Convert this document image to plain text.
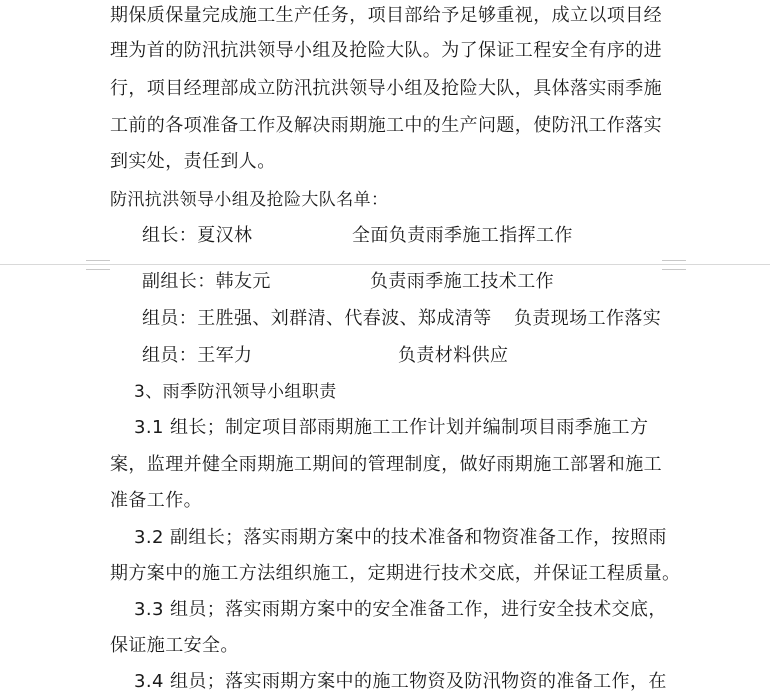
期保质保量完成施工生产任务，项目部给予足够重视，成立以项目经
理为首的防汛抗洪领导小组及抢险大队。为了保证工程安全有序的进
行，项目经理部成立防汛抗洪领导小组及抢险大队，具体落实雨季施
工前的各项准备工作及解决雨期施工中的生产问题，使防汛工作落实
到实处，责任到人。
防汛抗洪领导小组及抢险大队名单：
组长：夏汉林	全面负责雨季施工指挥工作
副组长：韩友元	负责雨季施工技术工作
组员：王胜强、刘群清、代春波、郑成清等 负责现场工作落实
组员：王军力	负责材料供应
3、雨季防汛领导小组职责
3.1 组长；制定项目部雨期施工工作计划并编制项目雨季施工方
案，监理并健全雨期施工期间的管理制度，做好雨期施工部署和施工
准备工作。
3.2 副组长；落实雨期方案中的技术准备和物资准备工作，按照雨
期方案中的施工方法组织施工，定期进行技术交底，并保证工程质量。
3.3 组员；落实雨期方案中的安全准备工作，进行安全技术交底，
保证施工安全。
3.4 组员；落实雨期方案中的施工物资及防汛物资的准备工作，在
